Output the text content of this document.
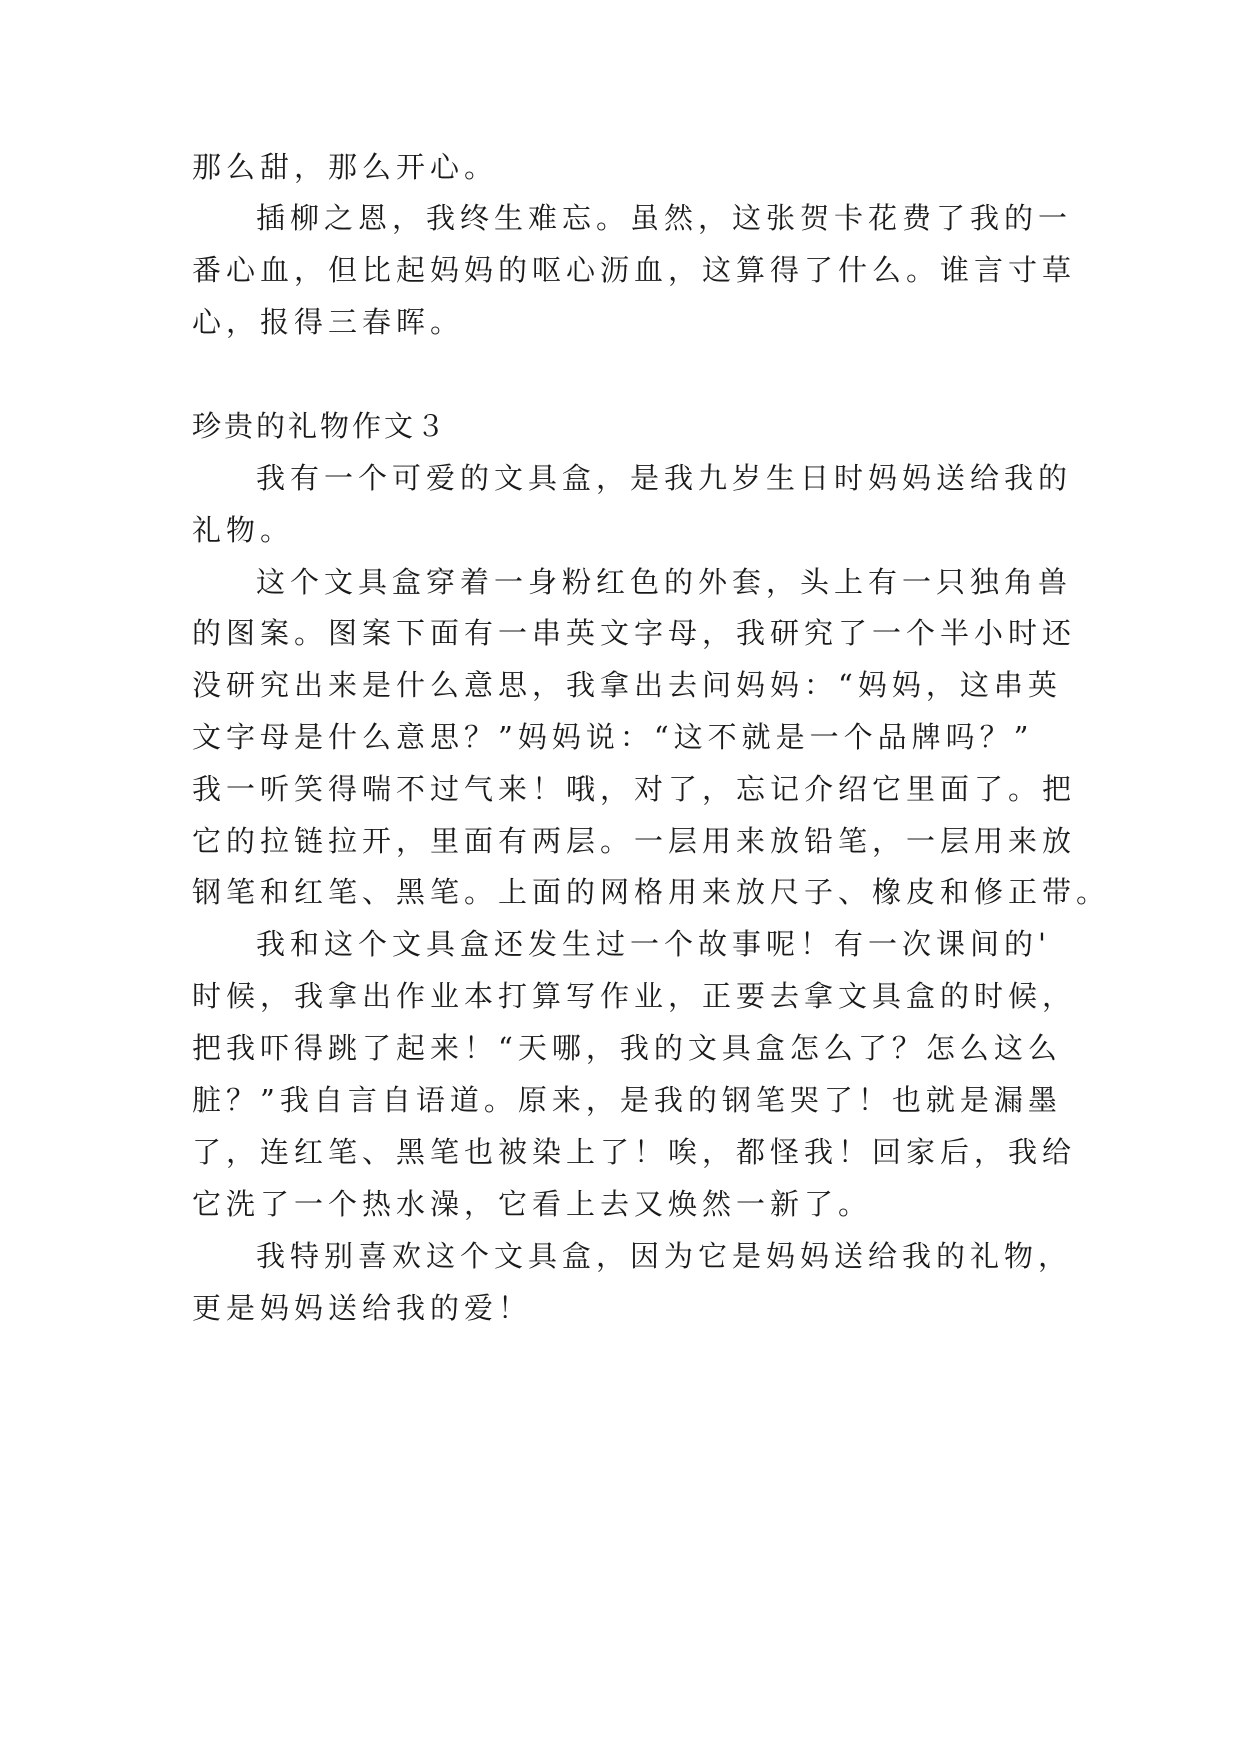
那么甜，那么开心。

插柳之恩，我终生难忘。虽然，这张贺卡花费了我的一

番心血，但比起妈妈的呕心沥血，这算得了什么。谁言寸草

心，报得三春晖。

珍贵的礼物作文３

我有一个可爱的文具盒，是我九岁生日时妈妈送给我的

礼物。

这个文具盒穿着一身粉红色的外套，头上有一只独角兽

的图案。图案下面有一串英文字母，我研究了一个半小时还

没研究出来是什么意思，我拿出去问妈妈：“妈妈，这串英

文字母是什么意思？”妈妈说：“这不就是一个品牌吗？”

我一听笑得喘不过气来！哦，对了，忘记介绍它里面了。把

它的拉链拉开，里面有两层。一层用来放铅笔，一层用来放

钢笔和红笔、黑笔。上面的网格用来放尺子、橡皮和修正带。

我和这个文具盒还发生过一个故事呢！有一次课间的'

时候，我拿出作业本打算写作业，正要去拿文具盒的时候，

把我吓得跳了起来！“天哪，我的文具盒怎么了？怎么这么

脏？”我自言自语道。原来，是我的钢笔哭了！也就是漏墨

了，连红笔、黑笔也被染上了！唉，都怪我！回家后，我给

它洗了一个热水澡，它看上去又焕然一新了。

我特别喜欢这个文具盒，因为它是妈妈送给我的礼物，

更是妈妈送给我的爱！
